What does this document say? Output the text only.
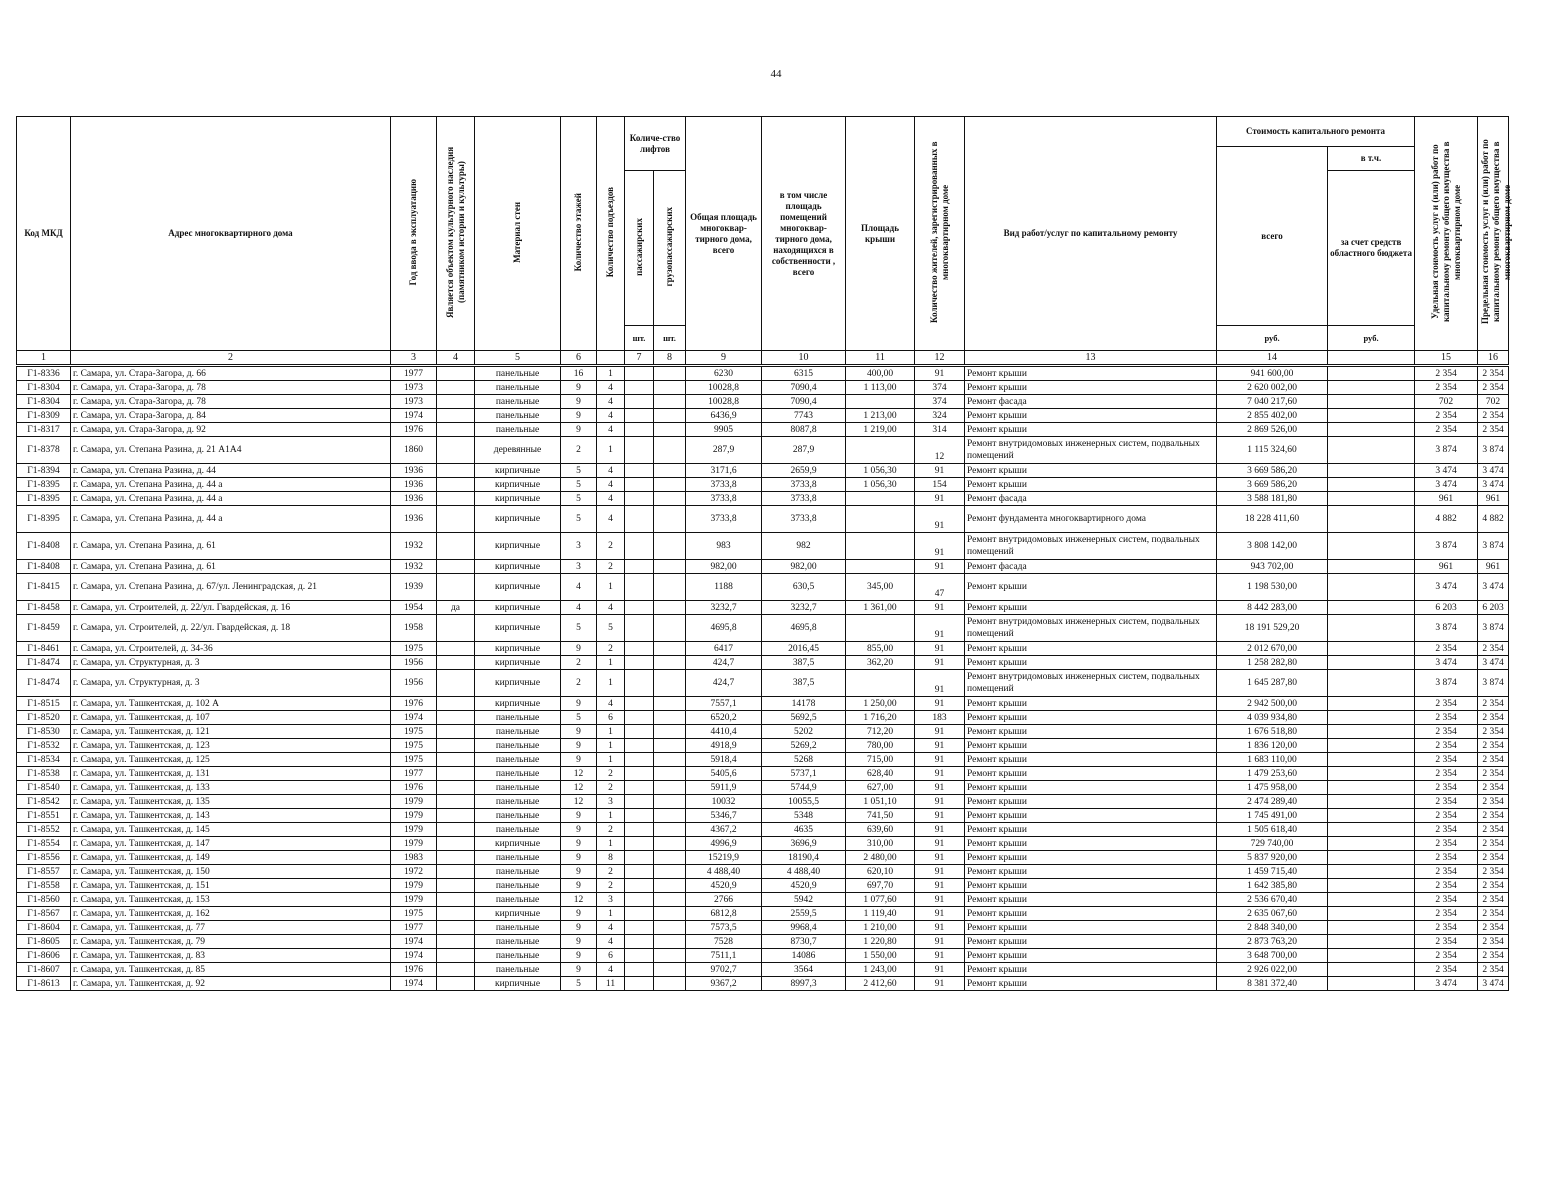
44
Код МКД	Адрес многоквартирного дома	Год ввода в эксплуатацию	Является объектом культурного наследия (памятником истории и культуры)	Материал стен	Количество этажей	Количество подъездов	Количе-ство лифтов		Общая площадь многоквар-тирного дома, всего	в том числе площадь помещений многоквар-тирного дома, находящихся в собственности , всего	Площадь крыши	Количество жителей, зарегистрированных в многоквартирном доме	Вид работ/услуг по капитальному ремонту	Стоимость капитального ремонта		Удельная стоимость услуг и (или) работ по капитальному ремонту общего имущества в многоквартирном доме	Предельная стоимость услуг и (или) работ по капитальному ремонту общего имущества в многоквартирном доме	
														всего	в т.ч.			
							пассажирских	грузопассажирских							за счет средств областного бюджета			
							шт.	шт.						руб.	руб.			
1	2	3	4	5	6		7	8	9	10	11	12	13	14		15	16	
Г1-8336	г. Самара, ул. Стара-Загора, д. 66	1977		панельные	16	1			6230	6315	400,00	91	Ремонт крыши	941 600,00		2 354	2 354	
Г1-8304	г. Самара, ул. Стара-Загора, д. 78	1973		панельные	9	4			10028,8	7090,4	1 113,00	374	Ремонт крыши	2 620 002,00		2 354	2 354	
Г1-8304	г. Самара, ул. Стара-Загора, д. 78	1973		панельные	9	4			10028,8	7090,4		374	Ремонт фасада	7 040 217,60		702	702	
Г1-8309	г. Самара, ул. Стара-Загора, д. 84	1974		панельные	9	4			6436,9	7743	1 213,00	324	Ремонт крыши	2 855 402,00		2 354	2 354	
Г1-8317	г. Самара, ул. Стара-Загора, д. 92	1976		панельные	9	4			9905	8087,8	1 219,00	314	Ремонт крыши	2 869 526,00		2 354	2 354	
Г1-8378	г. Самара, ул. Степана Разина, д. 21 А1А4	1860		деревянные	2	1			287,9	287,9		12	Ремонт внутридомовых инженерных систем, подвальных помещений	1 115 324,60		3 874	3 874	
Г1-8394	г. Самара, ул. Степана Разина, д. 44	1936		кирпичные	5	4			3171,6	2659,9	1 056,30	91	Ремонт крыши	3 669 586,20		3 474	3 474	
Г1-8395	г. Самара, ул. Степана Разина, д. 44 а	1936		кирпичные	5	4			3733,8	3733,8	1 056,30	154	Ремонт крыши	3 669 586,20		3 474	3 474	
Г1-8395	г. Самара, ул. Степана Разина, д. 44 а	1936		кирпичные	5	4			3733,8	3733,8		91	Ремонт фасада	3 588 181,80		961	961	
Г1-8395	г. Самара, ул. Степана Разина, д. 44 а	1936		кирпичные	5	4			3733,8	3733,8		91	Ремонт фундамента многоквартирного дома	18 228 411,60		4 882	4 882	
Г1-8408	г. Самара, ул. Степана Разина, д. 61	1932		кирпичные	3	2			983	982		91	Ремонт внутридомовых инженерных систем, подвальных помещений	3 808 142,00		3 874	3 874	
Г1-8408	г. Самара, ул. Степана Разина, д. 61	1932		кирпичные	3	2			982,00	982,00		91	Ремонт фасада	943 702,00		961	961	
Г1-8415	г. Самара, ул. Степана Разина, д. 67/ул. Ленинградская, д. 21	1939		кирпичные	4	1			1188	630,5	345,00	47	Ремонт крыши	1 198 530,00		3 474	3 474	
Г1-8458	г. Самара, ул. Строителей, д. 22/ул. Гвардейская, д. 16	1954	да	кирпичные	4	4			3232,7	3232,7	1 361,00	91	Ремонт крыши	8 442 283,00		6 203	6 203	
Г1-8459	г. Самара, ул. Строителей, д. 22/ул. Гвардейская, д. 18	1958		кирпичные	5	5			4695,8	4695,8		91	Ремонт внутридомовых инженерных систем, подвальных помещений	18 191 529,20		3 874	3 874	
Г1-8461	г. Самара, ул. Строителей, д. 34-36	1975		кирпичные	9	2			6417	2016,45	855,00	91	Ремонт крыши	2 012 670,00		2 354	2 354	
Г1-8474	г. Самара, ул. Структурная, д. 3	1956		кирпичные	2	1			424,7	387,5	362,20	91	Ремонт крыши	1 258 282,80		3 474	3 474	
Г1-8474	г. Самара, ул. Структурная, д. 3	1956		кирпичные	2	1			424,7	387,5		91	Ремонт внутридомовых инженерных систем, подвальных помещений	1 645 287,80		3 874	3 874	
Г1-8515	г. Самара, ул. Ташкентская, д. 102 А	1976		кирпичные	9	4			7557,1	14178	1 250,00	91	Ремонт крыши	2 942 500,00		2 354	2 354	
Г1-8520	г. Самара, ул. Ташкентская, д. 107	1974		панельные	5	6			6520,2	5692,5	1 716,20	183	Ремонт крыши	4 039 934,80		2 354	2 354	
Г1-8530	г. Самара, ул. Ташкентская, д. 121	1975		панельные	9	1			4410,4	5202	712,20	91	Ремонт крыши	1 676 518,80		2 354	2 354	
Г1-8532	г. Самара, ул. Ташкентская, д. 123	1975		панельные	9	1			4918,9	5269,2	780,00	91	Ремонт крыши	1 836 120,00		2 354	2 354	
Г1-8534	г. Самара, ул. Ташкентская, д. 125	1975		панельные	9	1			5918,4	5268	715,00	91	Ремонт крыши	1 683 110,00		2 354	2 354	
Г1-8538	г. Самара, ул. Ташкентская, д. 131	1977		панельные	12	2			5405,6	5737,1	628,40	91	Ремонт крыши	1 479 253,60		2 354	2 354	
Г1-8540	г. Самара, ул. Ташкентская, д. 133	1976		панельные	12	2			5911,9	5744,9	627,00	91	Ремонт крыши	1 475 958,00		2 354	2 354	
Г1-8542	г. Самара, ул. Ташкентская, д. 135	1979		панельные	12	3			10032	10055,5	1 051,10	91	Ремонт крыши	2 474 289,40		2 354	2 354	
Г1-8551	г. Самара, ул. Ташкентская, д. 143	1979		панельные	9	1			5346,7	5348	741,50	91	Ремонт крыши	1 745 491,00		2 354	2 354	
Г1-8552	г. Самара, ул. Ташкентская, д. 145	1979		панельные	9	2			4367,2	4635	639,60	91	Ремонт крыши	1 505 618,40		2 354	2 354	
Г1-8554	г. Самара, ул. Ташкентская, д. 147	1979		кирпичные	9	1			4996,9	3696,9	310,00	91	Ремонт крыши	729 740,00		2 354	2 354	
Г1-8556	г. Самара, ул. Ташкентская, д. 149	1983		панельные	9	8			15219,9	18190,4	2 480,00	91	Ремонт крыши	5 837 920,00		2 354	2 354	
Г1-8557	г. Самара, ул. Ташкентская, д. 150	1972		панельные	9	2			4 488,40	4 488,40	620,10	91	Ремонт крыши	1 459 715,40		2 354	2 354	
Г1-8558	г. Самара, ул. Ташкентская, д. 151	1979		панельные	9	2			4520,9	4520,9	697,70	91	Ремонт крыши	1 642 385,80		2 354	2 354	
Г1-8560	г. Самара, ул. Ташкентская, д. 153	1979		панельные	12	3			2766	5942	1 077,60	91	Ремонт крыши	2 536 670,40		2 354	2 354	
Г1-8567	г. Самара, ул. Ташкентская, д. 162	1975		кирпичные	9	1			6812,8	2559,5	1 119,40	91	Ремонт крыши	2 635 067,60		2 354	2 354	
Г1-8604	г. Самара, ул. Ташкентская, д. 77	1977		панельные	9	4			7573,5	9968,4	1 210,00	91	Ремонт крыши	2 848 340,00		2 354	2 354	
Г1-8605	г. Самара, ул. Ташкентская, д. 79	1974		панельные	9	4			7528	8730,7	1 220,80	91	Ремонт крыши	2 873 763,20		2 354	2 354	
Г1-8606	г. Самара, ул. Ташкентская, д. 83	1974		панельные	9	6			7511,1	14086	1 550,00	91	Ремонт крыши	3 648 700,00		2 354	2 354	
Г1-8607	г. Самара, ул. Ташкентская, д. 85	1976		панельные	9	4			9702,7	3564	1 243,00	91	Ремонт крыши	2 926 022,00		2 354	2 354	
Г1-8613	г. Самара, ул. Ташкентская, д. 92	1974		кирпичные	5	11			9367,2	8997,3	2 412,60	91	Ремонт крыши	8 381 372,40		3 474	3 474	
